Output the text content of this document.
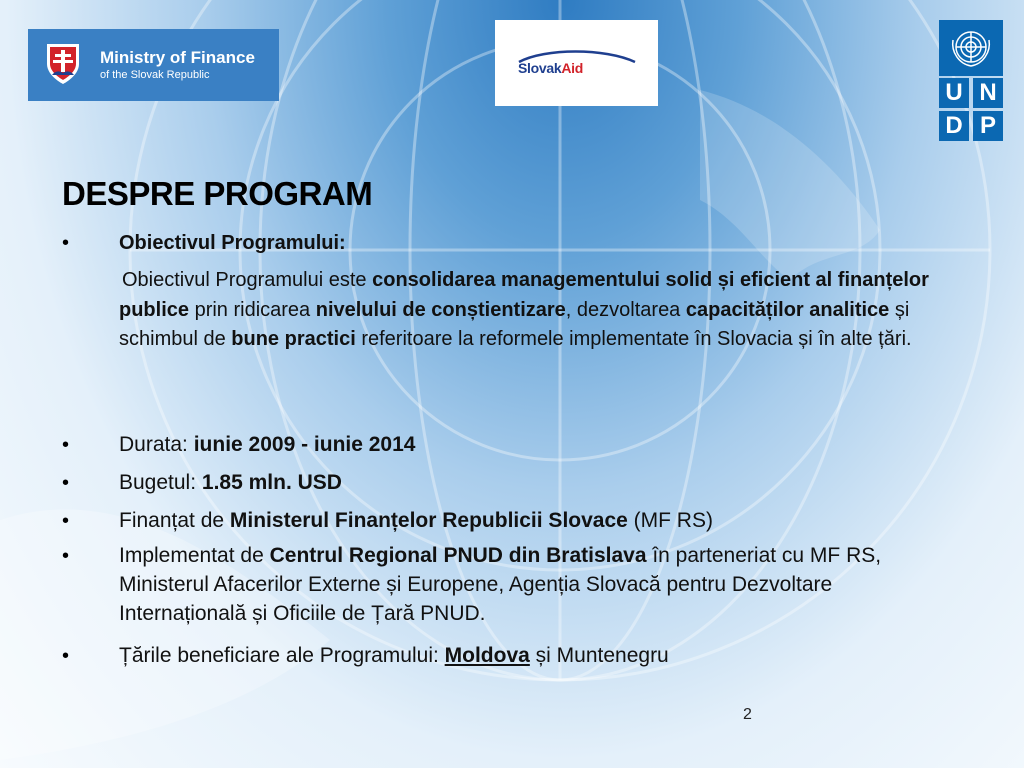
Ministry of Finance
of the Slovak Republic	SlovakAid
U N
D P
DESPRE PROGRAM
• Obiectivul Programului:
Obiectivul Programului este consolidarea managementului solid și eficient al finanțelor publice prin ridicarea nivelului de conștientizare, dezvoltarea capacităților analitice și schimbul de bune practici referitoare la reformele implementate în Slovacia și în alte țări.
• Durata: iunie 2009 - iunie 2014
• Bugetul: 1.85 mln. USD
• Finanțat de Ministerul Finanțelor Republicii Slovace (MF RS)
• Implementat de Centrul Regional PNUD din Bratislava în parteneriat cu MF RS, Ministerul Afacerilor Externe și Europene, Agenția Slovacă pentru Dezvoltare Internațională și Oficiile de Țară PNUD.
• Țările beneficiare ale Programului: Moldova și Muntenegru
2
